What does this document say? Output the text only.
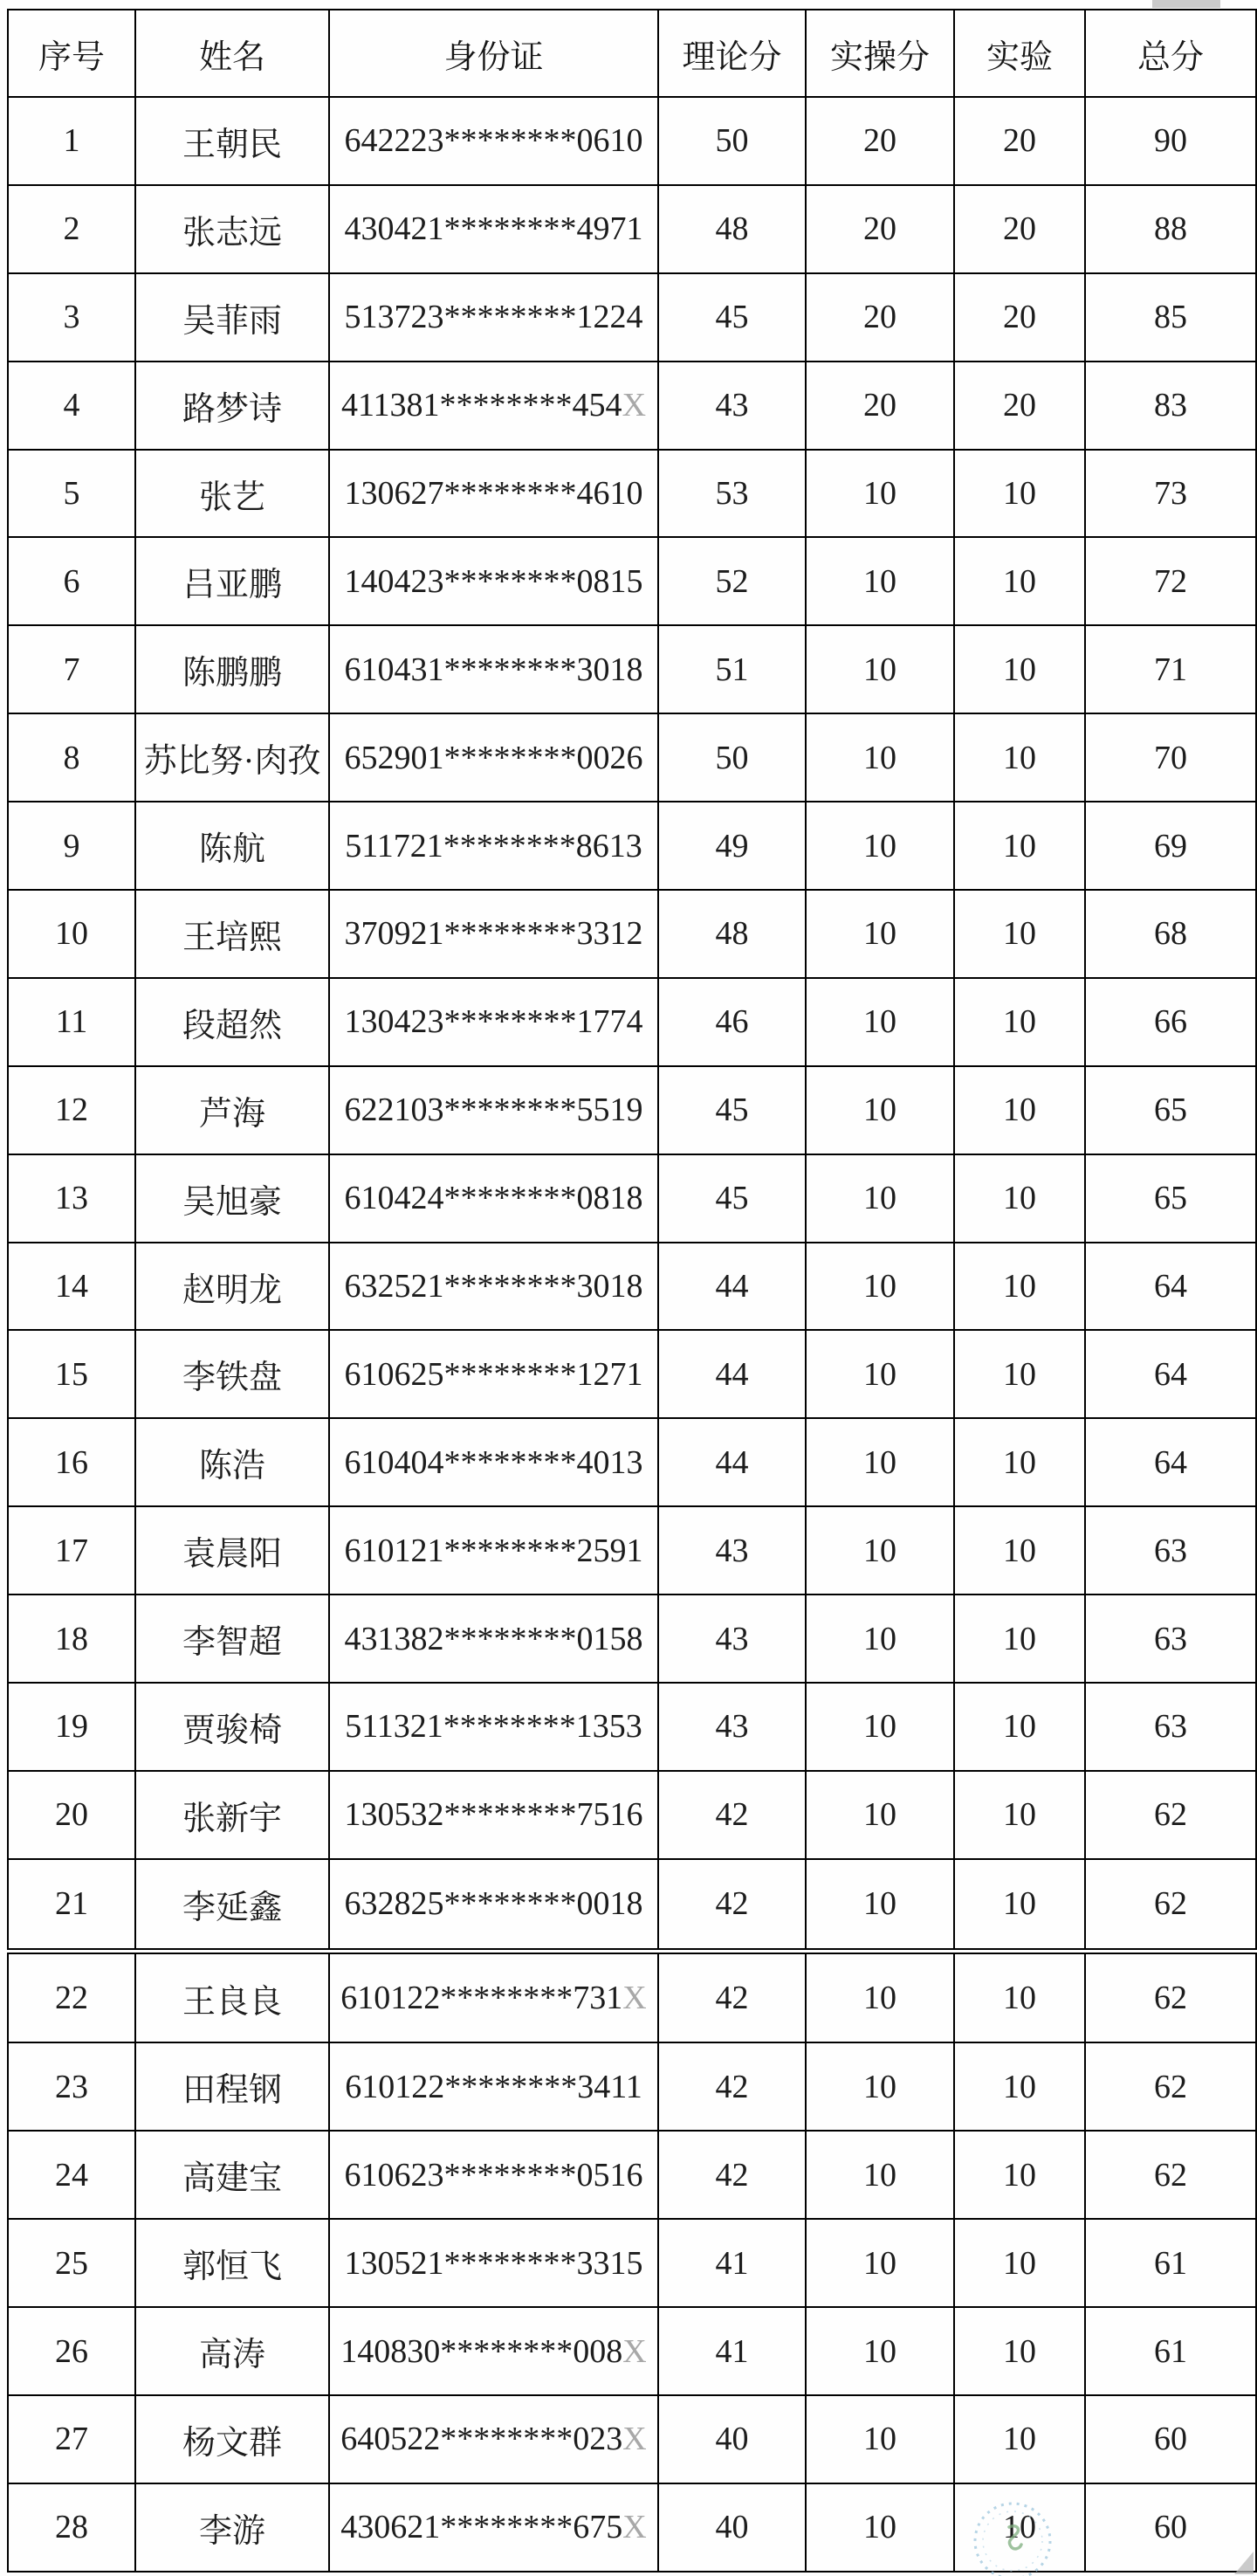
序号	姓名	身份证	理论分	实操分	实验	总分
1	王朝民	642223********0610	50	20	20	90
2	张志远	430421********4971	48	20	20	88
3	吴菲雨	513723********1224	45	20	20	85
4	路梦诗	411381********454X	43	20	20	83
5	张艺	130627********4610	53	10	10	73
6	吕亚鹏	140423********0815	52	10	10	72
7	陈鹏鹏	610431********3018	51	10	10	71
8	苏比努·肉孜	652901********0026	50	10	10	70
9	陈航	511721********8613	49	10	10	69
10	王培熙	370921********3312	48	10	10	68
11	段超然	130423********1774	46	10	10	66
12	芦海	622103********5519	45	10	10	65
13	吴旭豪	610424********0818	45	10	10	65
14	赵明龙	632521********3018	44	10	10	64
15	李铁盘	610625********1271	44	10	10	64
16	陈浩	610404********4013	44	10	10	64
17	袁晨阳	610121********2591	43	10	10	63
18	李智超	431382********0158	43	10	10	63
19	贾骏椅	511321********1353	43	10	10	63
20	张新宇	130532********7516	42	10	10	62
21	李延鑫	632825********0018	42	10	10	62
22	王良良	610122********731X	42	10	10	62
23	田程钢	610122********3411	42	10	10	62
24	高建宝	610623********0516	42	10	10	62
25	郭恒飞	130521********3315	41	10	10	61
26	高涛	140830********008X	41	10	10	61
27	杨文群	640522********023X	40	10	10	60
28	李游	430621********675X	40	10	10	60
